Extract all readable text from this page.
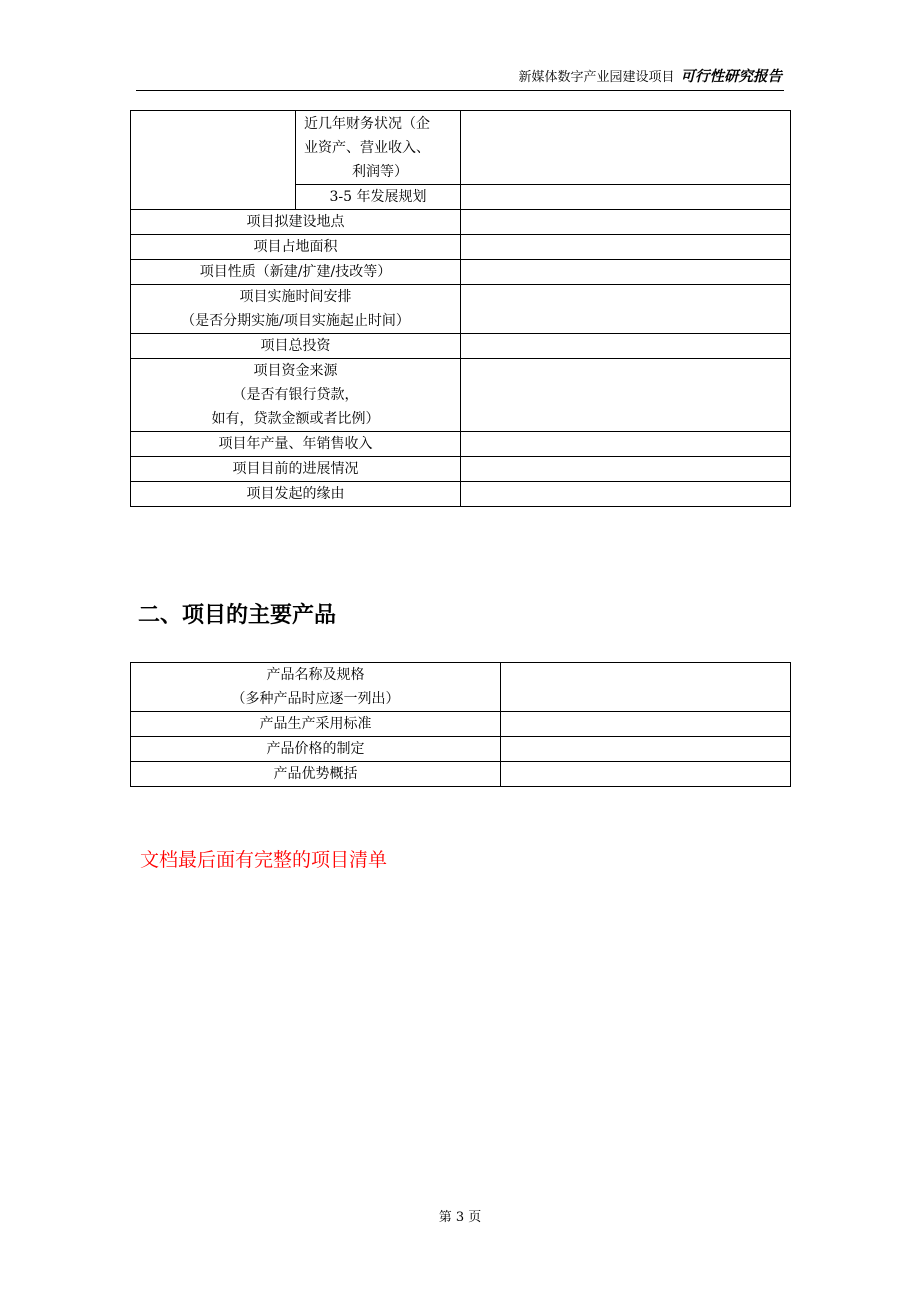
新媒体数字产业园建设项目 可行性研究报告

	近几年财务状况（企
业资产、营业收入、
利润等）	

	3-5 年发展规划	
项目拟建设地点		
项目占地面积		
项目性质（新建/扩建/技改等）		

项目实施时间安排
（是否分期实施/项目实施起止时间）		

项目总投资		

项目资金来源
（是否有银行贷款，
如有，贷款金额或者比例）		

项目年产量、年销售收入		
项目目前的进展情况		
项目发起的缘由		
二、项目的主要产品
产品名称及规格
（多种产品时应逐一列出）	

产品生产采用标准	
产品价格的制定	
产品优势概括	
文档最后面有完整的项目清单
第 3 页
